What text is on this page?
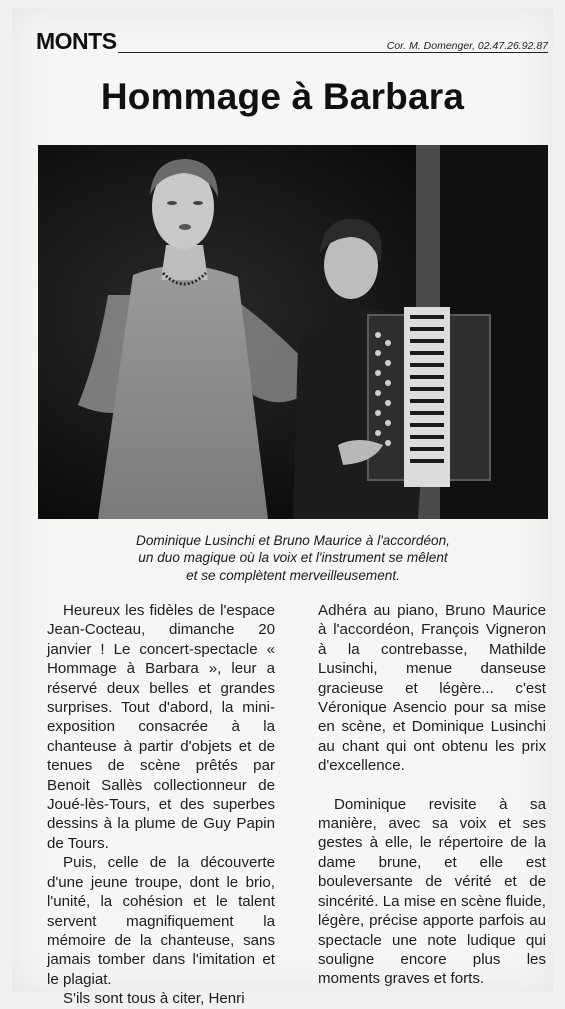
MONTS	Cor. M. Domenger, 02.47.26.92.87
Hommage à Barbara
Dominique Lusinchi et Bruno Maurice à l'accordéon,
un duo magique où la voix et l'instrument se mêlent
et se complètent merveilleusement.

Heureux les fidèles de l'espace Jean-Cocteau, dimanche 20 janvier ! Le concert-spectacle « Hommage à Barbara », leur a réservé deux belles et grandes surprises. Tout d'abord, la mini-exposition consacrée à la chanteuse à partir d'objets et de tenues de scène prêtés par Benoit Sallès collectionneur de Joué-lès-Tours, et des superbes dessins à la plume de Guy Papin de Tours.

Puis, celle de la découverte d'une jeune troupe, dont le brio, l'unité, la cohésion et le talent servent magnifiquement la mémoire de la chanteuse, sans jamais tomber dans l'imitation et le plagiat.

S'ils sont tous à citer, Henri

Adhéra au piano, Bruno Maurice à l'accordéon, François Vigneron à la contrebasse, Mathilde Lusinchi, menue danseuse gracieuse et légère... c'est Véronique Asencio pour sa mise en scène, et Dominique Lusinchi au chant qui ont obtenu les prix d'excellence.

Dominique revisite à sa manière, avec sa voix et ses gestes à elle, le répertoire de la dame brune, et elle est bouleversante de vérité et de sincérité. La mise en scène fluide, légère, précise apporte parfois au spectacle une note ludique qui souligne encore plus les moments graves et forts.
